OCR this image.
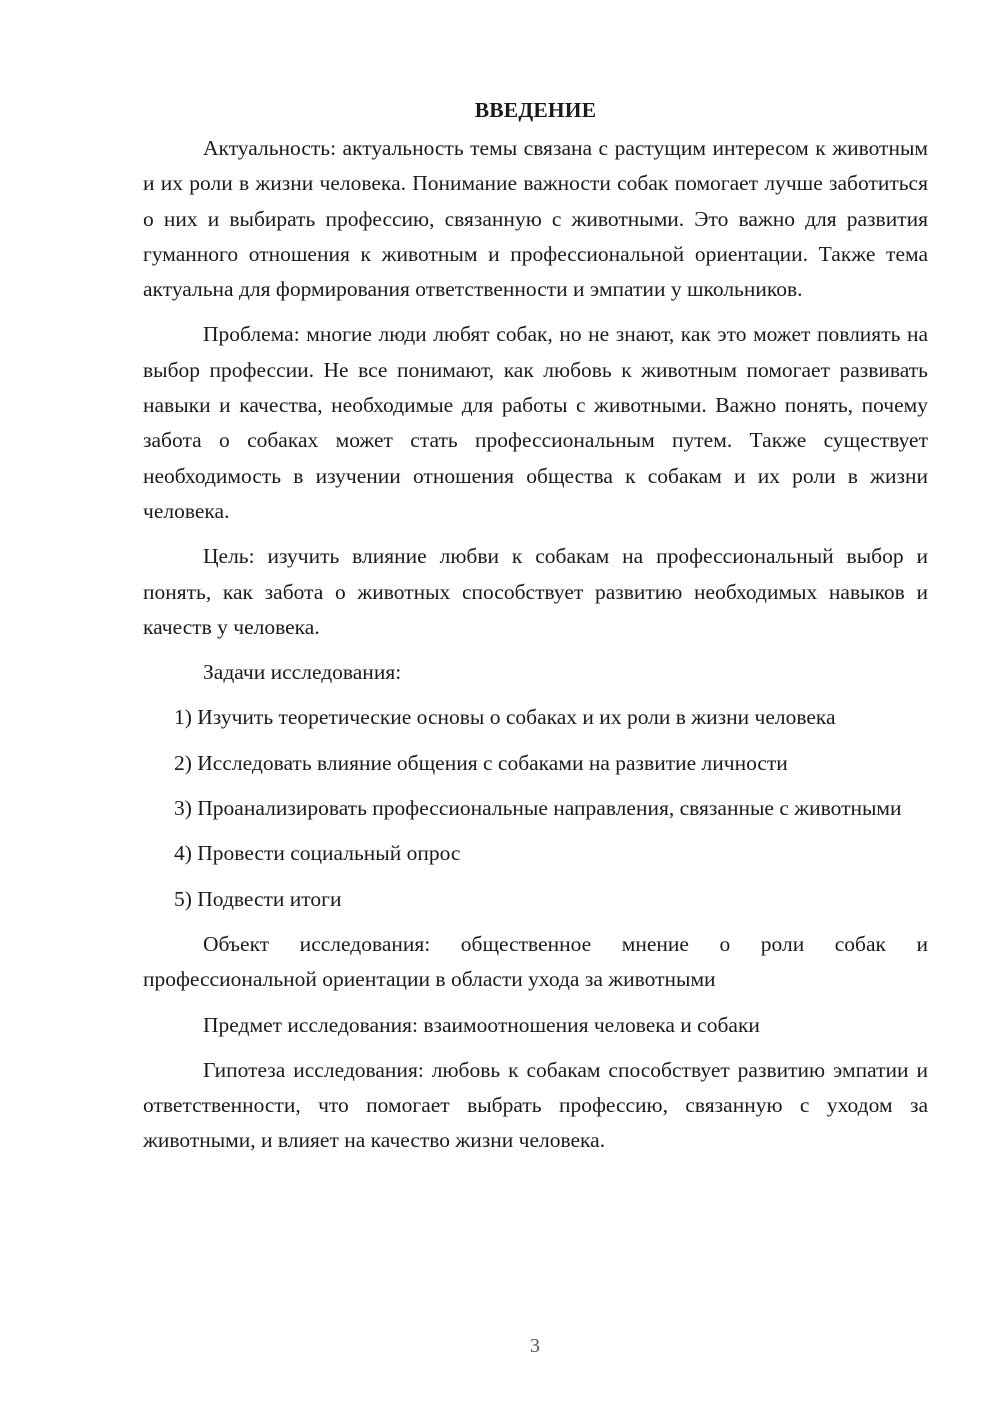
ВВЕДЕНИЕ

Актуальность: актуальность темы связана с растущим интересом к животным и их роли в жизни человека. Понимание важности собак помогает лучше заботиться о них и выбирать профессию, связанную с животными. Это важно для развития гуманного отношения к животным и профессиональной ориентации. Также тема актуальна для формирования ответственности и эмпатии у школьников.

Проблема: многие люди любят собак, но не знают, как это может повлиять на выбор профессии. Не все понимают, как любовь к животным помогает развивать навыки и качества, необходимые для работы с животными. Важно понять, почему забота о собаках может стать профессиональным путем. Также существует необходимость в изучении отношения общества к собакам и их роли в жизни человека.

Цель: изучить влияние любви к собакам на профессиональный выбор и понять, как забота о животных способствует развитию необходимых навыков и качеств у человека.

Задачи исследования:

1) Изучить теоретические основы о собаках и их роли в жизни человека

2) Исследовать влияние общения с собаками на развитие личности

3) Проанализировать профессиональные направления, связанные с животными

4) Провести социальный опрос

5) Подвести итоги

Объект исследования: общественное мнение о роли собак и профессиональной ориентации в области ухода за животными

Предмет исследования: взаимоотношения человека и собаки

Гипотеза исследования: любовь к собакам способствует развитию эмпатии и ответственности, что помогает выбрать профессию, связанную с уходом за животными, и влияет на качество жизни человека.

3
